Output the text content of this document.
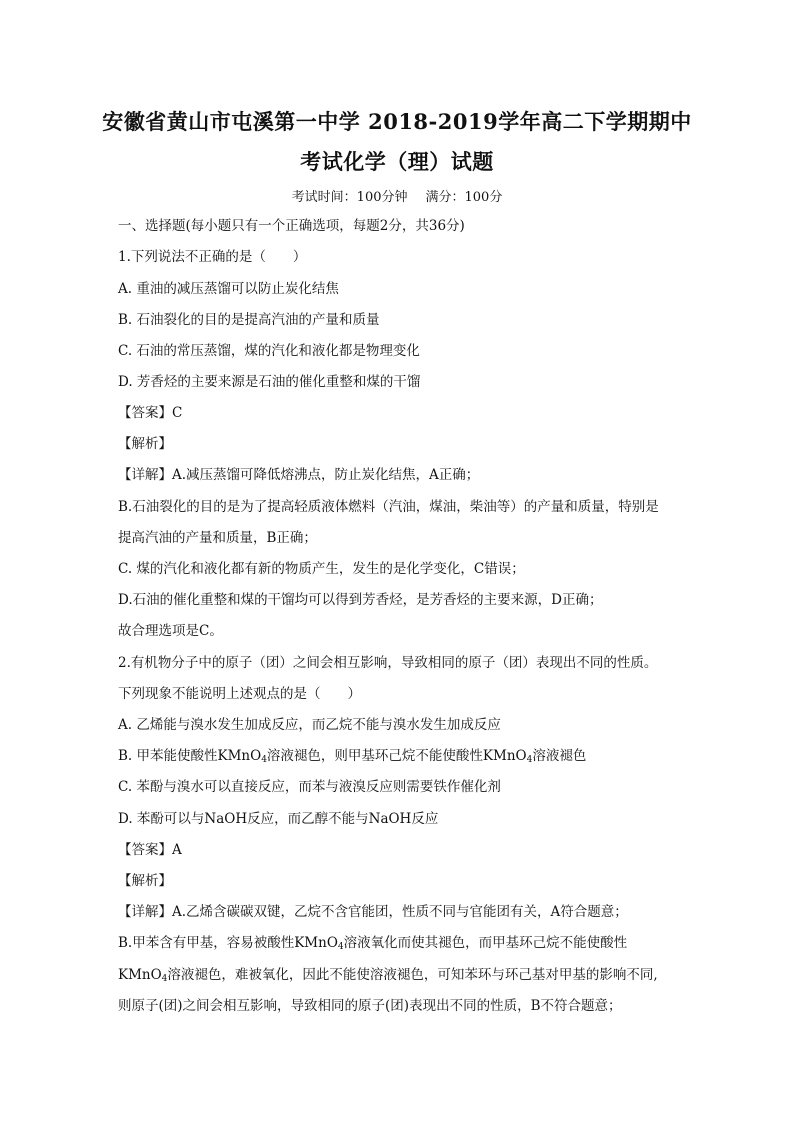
安徽省黄山市屯溪第一中学 2018-2019学年高二下学期期中
考试化学（理）试题
考试时间：100分钟 满分：100分
一、选择题(每小题只有一个正确选项，每题2分，共36分)
1.下列说法不正确的是（　　）
A. 重油的减压蒸馏可以防止炭化结焦
B. 石油裂化的目的是提高汽油的产量和质量
C. 石油的常压蒸馏，煤的汽化和液化都是物理变化
D. 芳香烃的主要来源是石油的催化重整和煤的干馏
【答案】C
【解析】
【详解】A.减压蒸馏可降低熔沸点，防止炭化结焦，A正确；
B.石油裂化的目的是为了提高轻质液体燃料（汽油，煤油，柴油等）的产量和质量，特别是
提高汽油的产量和质量，B正确；
C. 煤的汽化和液化都有新的物质产生，发生的是化学变化，C错误；
D.石油的催化重整和煤的干馏均可以得到芳香烃，是芳香烃的主要来源，D正确；
故合理选项是C。
2.有机物分子中的原子（团）之间会相互影响，导致相同的原子（团）表现出不同的性质。
下列现象不能说明上述观点的是（　　）
A. 乙烯能与溴水发生加成反应，而乙烷不能与溴水发生加成反应
B. 甲苯能使酸性KMnO$_4$溶液褪色，则甲基环己烷不能使酸性KMnO$_4$溶液褪色
C. 苯酚与溴水可以直接反应，而苯与液溴反应则需要铁作催化剂
D. 苯酚可以与NaOH反应，而乙醇不能与NaOH反应
【答案】A
【解析】
【详解】A.乙烯含碳碳双键，乙烷不含官能团，性质不同与官能团有关，A符合题意；
B.甲苯含有甲基，容易被酸性KMnO$_4$溶液氧化而使其褪色，而甲基环己烷不能使酸性
KMnO$_4$溶液褪色，难被氧化，因此不能使溶液褪色，可知苯环与环己基对甲基的影响不同,
则原子(团)之间会相互影响，导致相同的原子(团)表现出不同的性质，B不符合题意；
